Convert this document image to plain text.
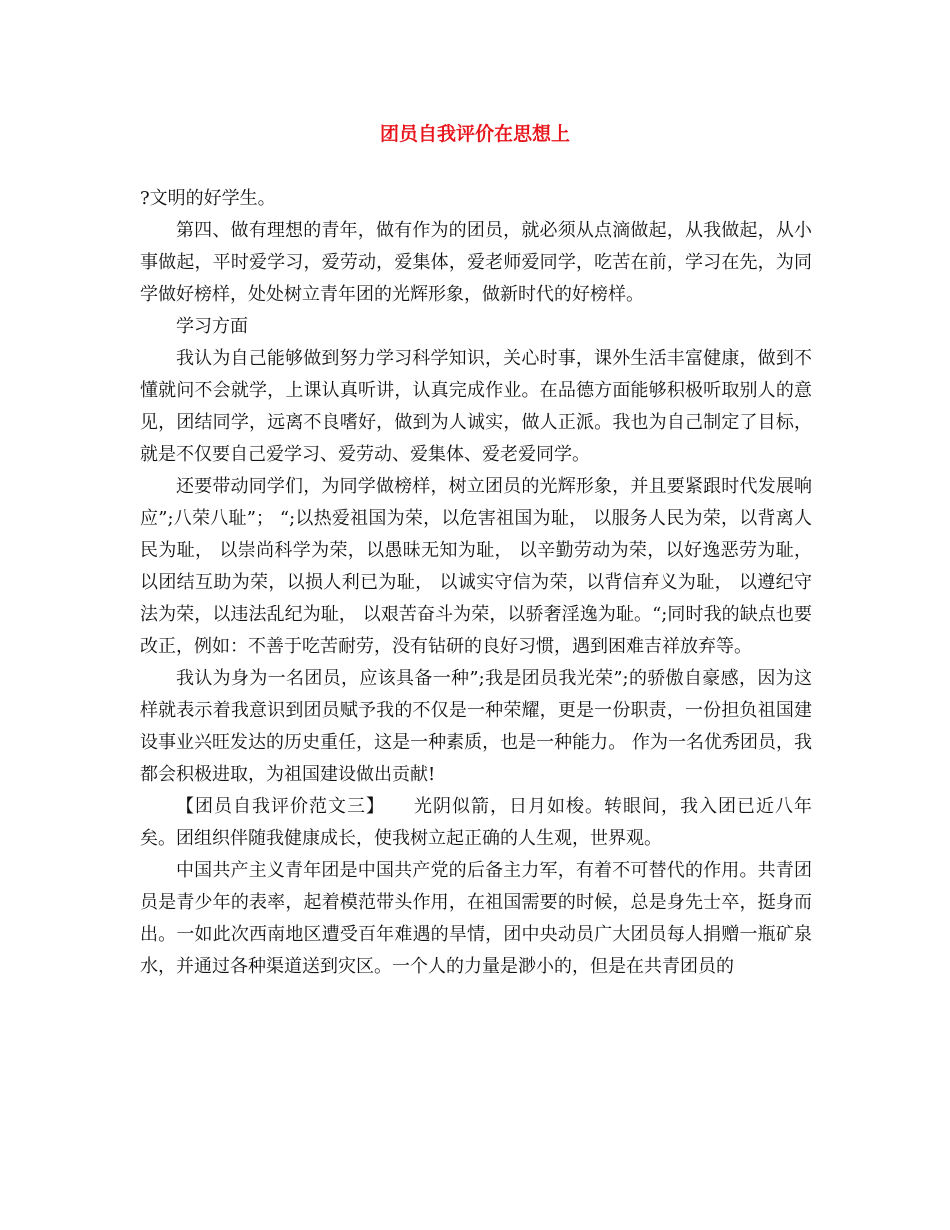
团员自我评价在思想上

?文明的好学生。

第四、做有理想的青年，做有作为的团员，就必须从点滴做起，从我做起，从小事做起，平时爱学习，爱劳动，爱集体，爱老师爱同学，吃苦在前，学习在先，为同学做好榜样，处处树立青年团的光辉形象，做新时代的好榜样。

学习方面

我认为自己能够做到努力学习科学知识，关心时事，课外生活丰富健康，做到不懂就问不会就学，上课认真听讲，认真完成作业。在品德方面能够积极听取别人的意见，团结同学，远离不良嗜好，做到为人诚实，做人正派。我也为自己制定了目标，就是不仅要自己爱学习、爱劳动、爱集体、爱老爱同学。

还要带动同学们，为同学做榜样，树立团员的光辉形象，并且要紧跟时代发展响应”;八荣八耻”； “;以热爱祖国为荣，以危害祖国为耻， 以服务人民为荣，以背离人民为耻， 以崇尚科学为荣，以愚昧无知为耻， 以辛勤劳动为荣，以好逸恶劳为耻， 以团结互助为荣，以损人利已为耻， 以诚实守信为荣，以背信弃义为耻， 以遵纪守法为荣，以违法乱纪为耻， 以艰苦奋斗为荣，以骄奢淫逸为耻。“;同时我的缺点也要改正，例如：不善于吃苦耐劳，没有钻研的良好习惯，遇到困难吉祥放弃等。

我认为身为一名团员，应该具备一种”;我是团员我光荣”;的骄傲自豪感，因为这样就表示着我意识到团员赋予我的不仅是一种荣耀，更是一份职责，一份担负祖国建设事业兴旺发达的历史重任，这是一种素质，也是一种能力。 作为一名优秀团员，我都会积极进取，为祖国建设做出贡献!

【团员自我评价范文三】　　光阴似箭，日月如梭。转眼间，我入团已近八年矣。团组织伴随我健康成长，使我树立起正确的人生观，世界观。

中国共产主义青年团是中国共产党的后备主力军，有着不可替代的作用。共青团员是青少年的表率，起着模范带头作用，在祖国需要的时候，总是身先士卒，挺身而出。一如此次西南地区遭受百年难遇的旱情，团中央动员广大团员每人捐赠一瓶矿泉水，并通过各种渠道送到灾区。一个人的力量是渺小的，但是在共青团员的
